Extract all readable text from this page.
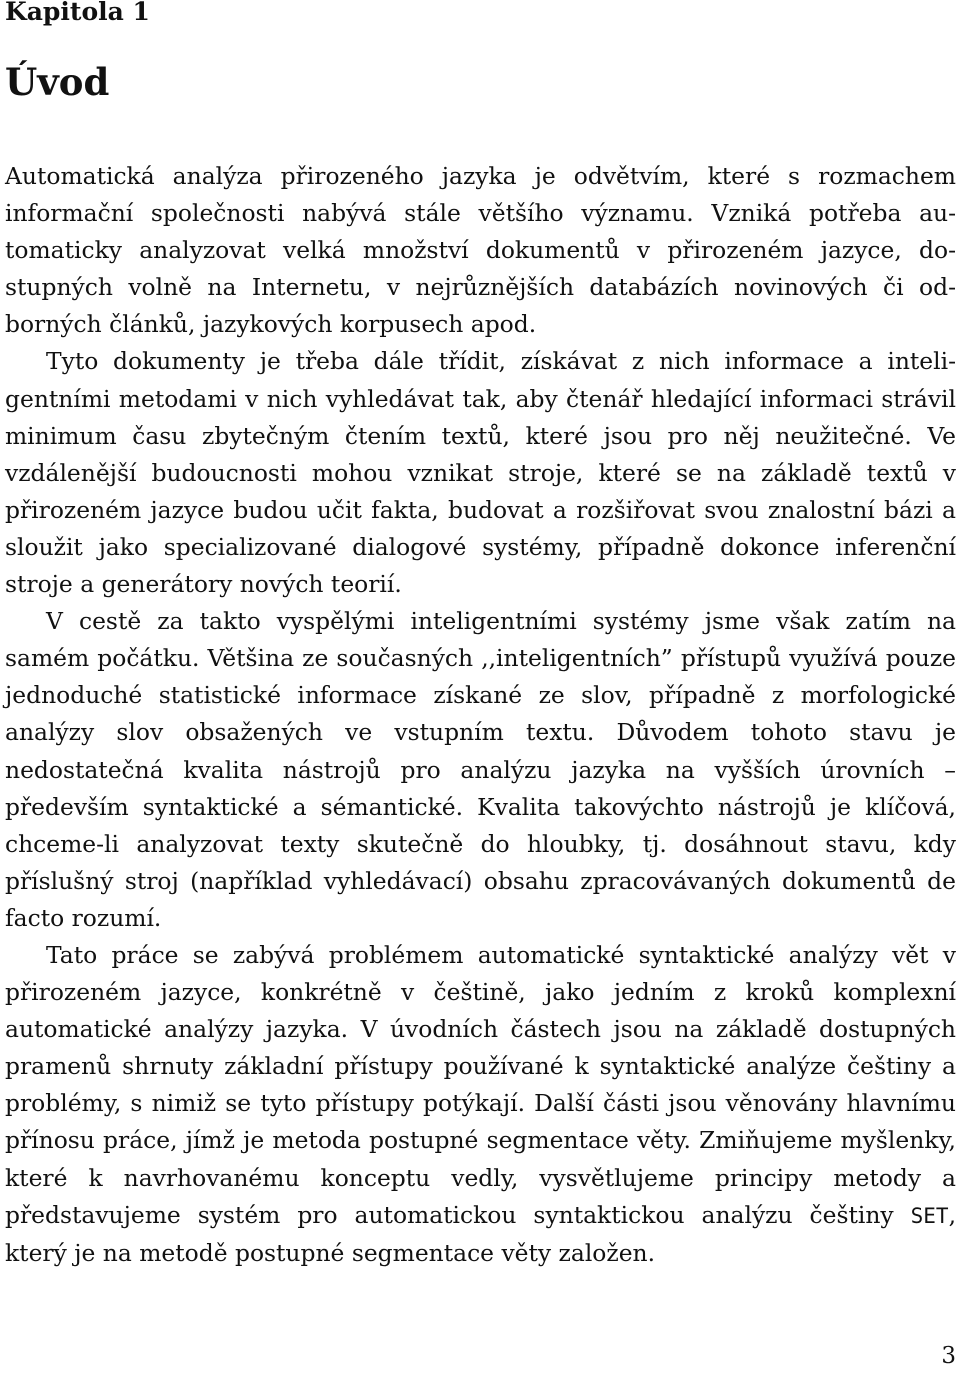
Kapitola 1
Úvod

Automatická analýza přirozeného jazyka je odvětvím, které s rozmachem informační společnosti nabývá stále většího významu. Vzniká potřeba automaticky analyzovat velká množství dokumentů v přirozeném jazyce, dostupných volně na Internetu, v nejrůznějších databázích novinových či odborných článků, jazykových korpusech apod.

Tyto dokumenty je třeba dále třídit, získávat z nich informace a inteligentními metodami v nich vyhledávat tak, aby čtenář hledající informaci strávil minimum času zbytečným čtením textů, které jsou pro něj neužitečné. Ve vzdálenější budoucnosti mohou vznikat stroje, které se na základě textů v přirozeném jazyce budou učit fakta, budovat a rozšiřovat svou znalostní bázi a sloužit jako specializované dialogové systémy, případně dokonce inferenční stroje a generátory nových teorií.

V cestě za takto vyspělými inteligentními systémy jsme však zatím na samém počátku. Většina ze současných ,,inteligentních” přístupů využívá pouze jednoduché statistické informace získané ze slov, případně z morfologické analýzy slov obsažených ve vstupním textu. Důvodem tohoto stavu je nedostatečná kvalita nástrojů pro analýzu jazyka na vyšších úrovních – především syntaktické a sémantické. Kvalita takovýchto nástrojů je klíčová, chceme-li analyzovat texty skutečně do hloubky, tj. dosáhnout stavu, kdy příslušný stroj (například vyhledávací) obsahu zpracovávaných dokumentů de facto rozumí.

Tato práce se zabývá problémem automatické syntaktické analýzy vět v přirozeném jazyce, konkrétně v češtině, jako jedním z kroků komplexní automatické analýzy jazyka. V úvodních částech jsou na základě dostupných pramenů shrnuty základní přístupy používané k syntaktické analýze češtiny a problémy, s nimiž se tyto přístupy potýkají. Další části jsou věnovány hlavnímu přínosu práce, jímž je metoda postupné segmentace věty. Zmiňujeme myšlenky, které k navrhovanému konceptu vedly, vysvětlujeme principy metody a představujeme systém pro automatickou syntaktickou analýzu češtiny SET, který je na metodě postupné segmentace věty založen.

3
